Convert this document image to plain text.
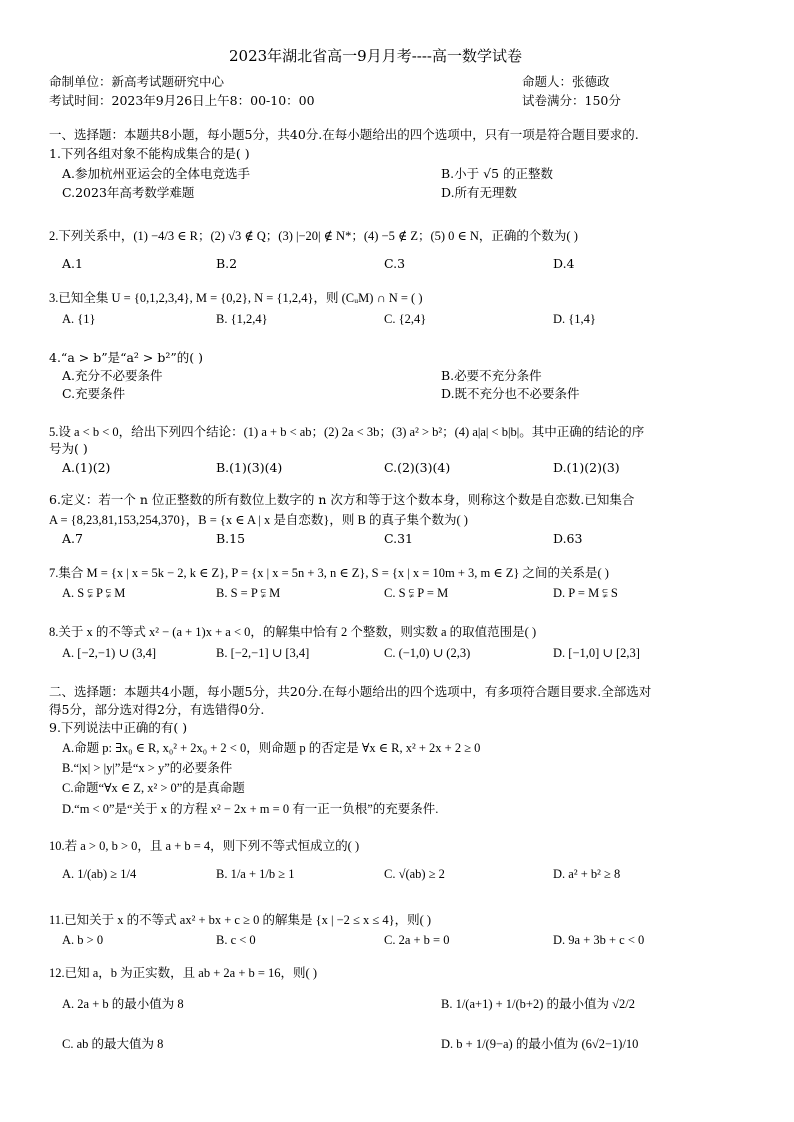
2023年湖北省高一9月月考----高一数学试卷
命制单位：新高考试题研究中心	命题人：张德政
考试时间：2023年9月26日上午8：00-10：00	试卷满分：150分
一、选择题：本题共8小题，每小题5分，共40分.在每小题给出的四个选项中，只有一项是符合题目要求的.
1.下列各组对象不能构成集合的是( )
A.参加杭州亚运会的全体电竞选手	B.小于 √5 的正整数
C.2023年高考数学难题	D.所有无理数
2.下列关系中，(1) −4/3 ∈ R；(2) √3 ∉ Q；(3) |−20| ∉ N*；(4) −5 ∉ Z；(5) 0 ∈ N，正确的个数为( )
A.1	B.2	C.3	D.4
3.已知全集 U = {0,1,2,3,4}, M = {0,2}, N = {1,2,4}，则 (CᵤM) ∩ N = ( )
A. {1}	B. {1,2,4}	C. {2,4}	D. {1,4}
4.“a > b”是“a² > b²”的( )
A.充分不必要条件	B.必要不充分条件
C.充要条件	D.既不充分也不必要条件
5.设 a < b < 0，给出下列四个结论：(1) a + b < ab；(2) 2a < 3b；(3) a² > b²；(4) a|a| < b|b|。其中正确的结论的序
号为( )
A.(1)(2)	B.(1)(3)(4)	C.(2)(3)(4)	D.(1)(2)(3)
6.定义：若一个 n 位正整数的所有数位上数字的 n 次方和等于这个数本身，则称这个数是自恋数.已知集合
A = {8,23,81,153,254,370}，B = {x ∈ A | x 是自恋数}，则 B 的真子集个数为( )
A.7	B.15	C.31	D.63
7.集合 M = {x | x = 5k − 2, k ∈ Z}, P = {x | x = 5n + 3, n ∈ Z}, S = {x | x = 10m + 3, m ∈ Z} 之间的关系是( )
A. S ⫋ P ⫋ M	B. S = P ⫋ M	C. S ⫋ P = M	D. P = M ⫋ S
8.关于 x 的不等式 x² − (a + 1)x + a < 0，的解集中恰有 2 个整数，则实数 a 的取值范围是( )
A. [−2,−1) ∪ (3,4]	B. [−2,−1] ∪ [3,4]	C. (−1,0) ∪ (2,3)	D. [−1,0] ∪ [2,3]
二、选择题：本题共4小题，每小题5分，共20分.在每小题给出的四个选项中，有多项符合题目要求.全部选对
得5分，部分选对得2分，有选错得0分.
9.下列说法中正确的有( )
A.命题 p: ∃x₀ ∈ R, x₀² + 2x₀ + 2 < 0，则命题 p 的否定是 ∀x ∈ R, x² + 2x + 2 ≥ 0
B.“|x| > |y|”是“x > y”的必要条件
C.命题“∀x ∈ Z, x² > 0”的是真命题
D.“m < 0”是“关于 x 的方程 x² − 2x + m = 0 有一正一负根”的充要条件.
10.若 a > 0, b > 0，且 a + b = 4，则下列不等式恒成立的( )
A. 1/(ab) ≥ 1/4	B. 1/a + 1/b ≥ 1	C. √(ab) ≥ 2	D. a² + b² ≥ 8
11.已知关于 x 的不等式 ax² + bx + c ≥ 0 的解集是 {x | −2 ≤ x ≤ 4}，则( )
A. b > 0	B. c < 0	C. 2a + b = 0	D. 9a + 3b + c < 0
12.已知 a，b 为正实数，且 ab + 2a + b = 16，则( )
A. 2a + b 的最小值为 8	B. 1/(a+1) + 1/(b+2) 的最小值为 √2/2
C. ab 的最大值为 8	D. b + 1/(9−a) 的最小值为 (6√2−1)/10
